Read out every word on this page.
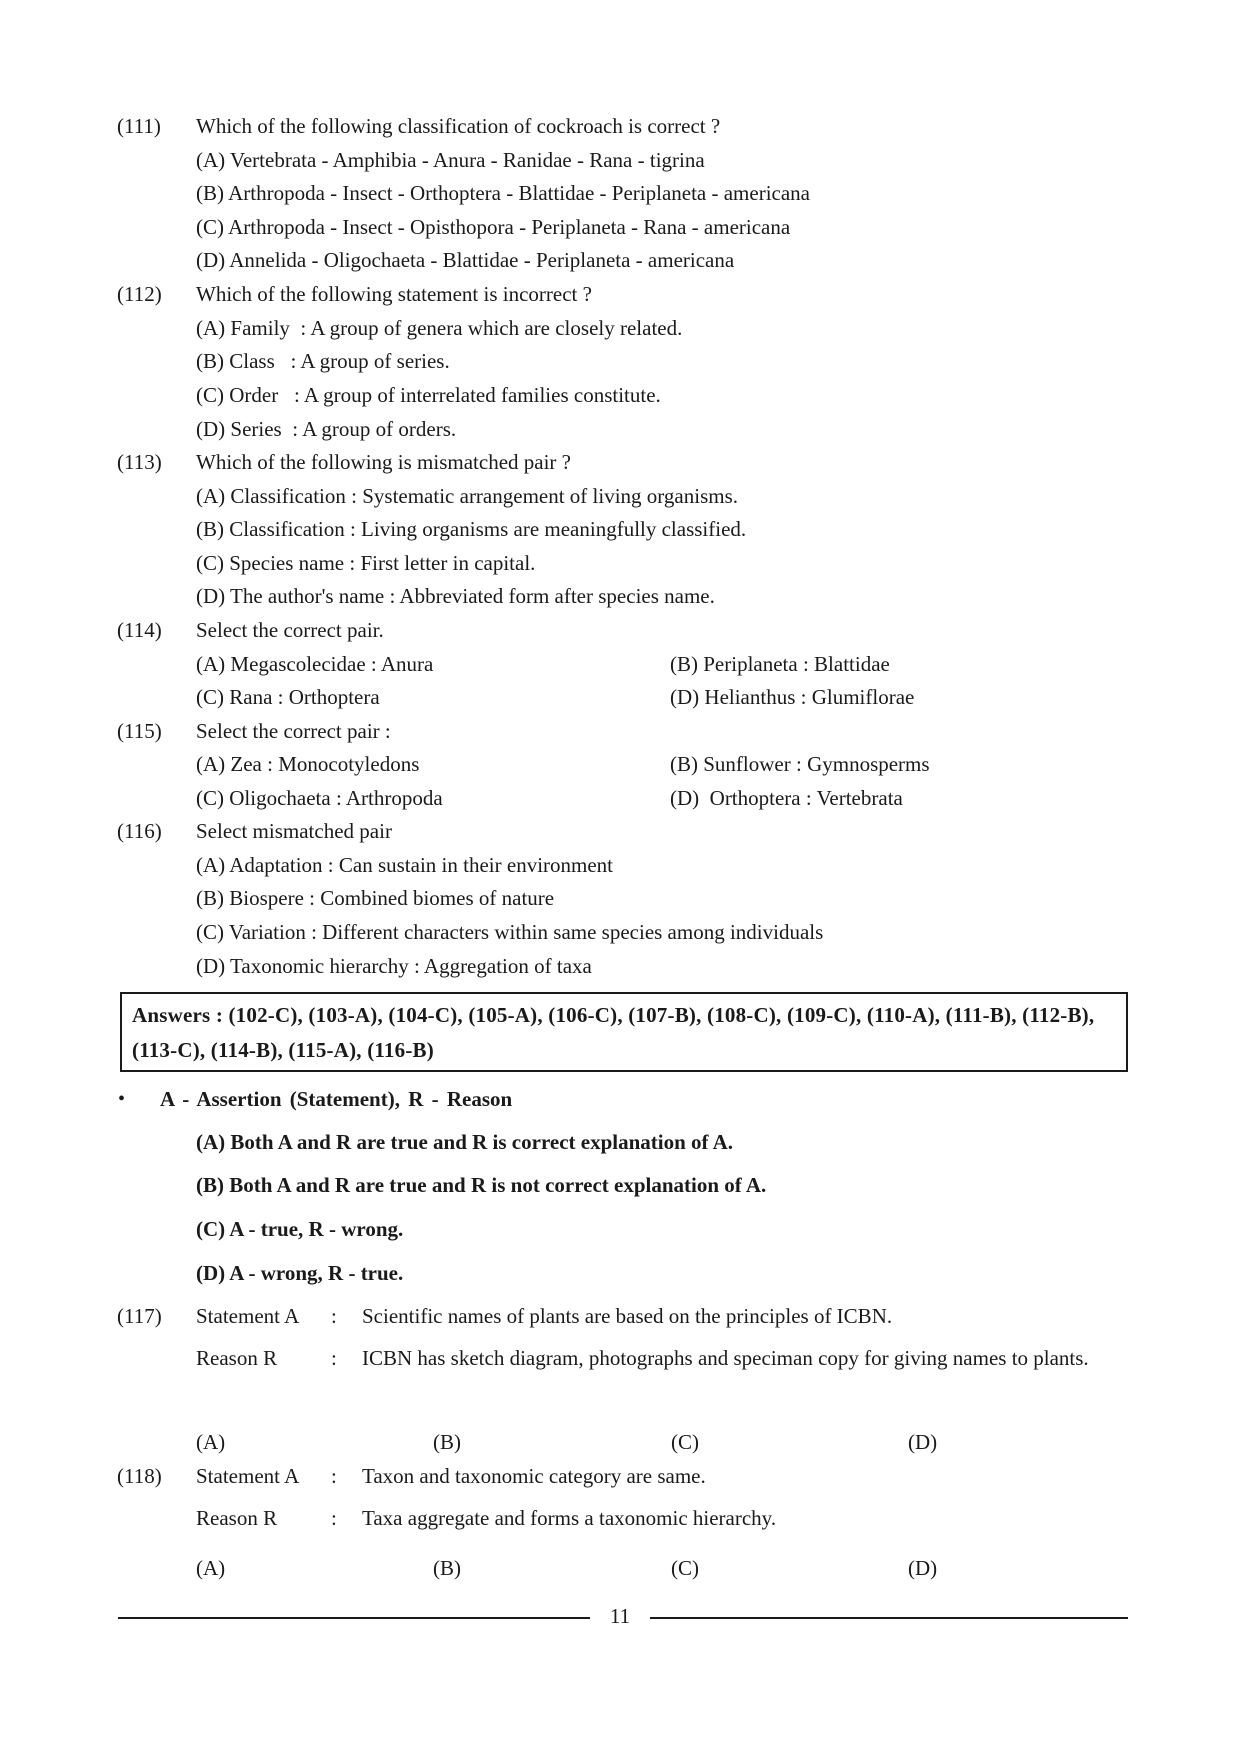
(111) Which of the following classification of cockroach is correct ?
(A) Vertebrata - Amphibia - Anura - Ranidae - Rana - tigrina
(B) Arthropoda - Insect - Orthoptera - Blattidae - Periplaneta - americana
(C) Arthropoda - Insect - Opisthopora - Periplaneta - Rana - americana
(D) Annelida - Oligochaeta - Blattidae - Periplaneta - americana
(112) Which of the following statement is incorrect ?
(A) Family  : A group of genera which are closely related.
(B) Class   : A group of series.
(C) Order   : A group of interrelated families constitute.
(D) Series  : A group of orders.
(113) Which of the following is mismatched pair ?
(A) Classification : Systematic arrangement of living organisms.
(B) Classification : Living organisms are meaningfully classified.
(C) Species name : First letter in capital.
(D) The author's name : Abbreviated form after species name.
(114) Select the correct pair.
(A) Megascolecidae : Anura	(B) Periplaneta : Blattidae
(C) Rana : Orthoptera	(D) Helianthus : Glumiflorae
(115) Select the correct pair :
(A) Zea : Monocotyledons	(B) Sunflower : Gymnosperms
(C) Oligochaeta : Arthropoda	(D)  Orthoptera : Vertebrata
(116) Select mismatched pair
(A) Adaptation : Can sustain in their environment
(B) Biospere : Combined biomes of nature
(C) Variation : Different characters within same species among individuals
(D) Taxonomic hierarchy : Aggregation of taxa
Answers : (102-C), (103-A), (104-C), (105-A), (106-C), (107-B), (108-C), (109-C), (110-A), (111-B), (112-B), (113-C), (114-B), (115-A), (116-B)
• A - Assertion (Statement), R - Reason
(A) Both A and R are true and R is correct explanation of A.
(B) Both A and R are true and R is not correct explanation of A.
(C) A - true, R - wrong.
(D) A - wrong, R - true.
(117) Statement A : Scientific names of plants are based on the principles of ICBN.
Reason R	: ICBN has sketch diagram, photographs and speciman copy for giving names to plants.
(A)	(B)	(C)	(D)
(118) Statement A : Taxon and taxonomic category are same.
Reason R	: Taxa aggregate and forms a taxonomic hierarchy.
(A)	(B)	(C)	(D)
11
